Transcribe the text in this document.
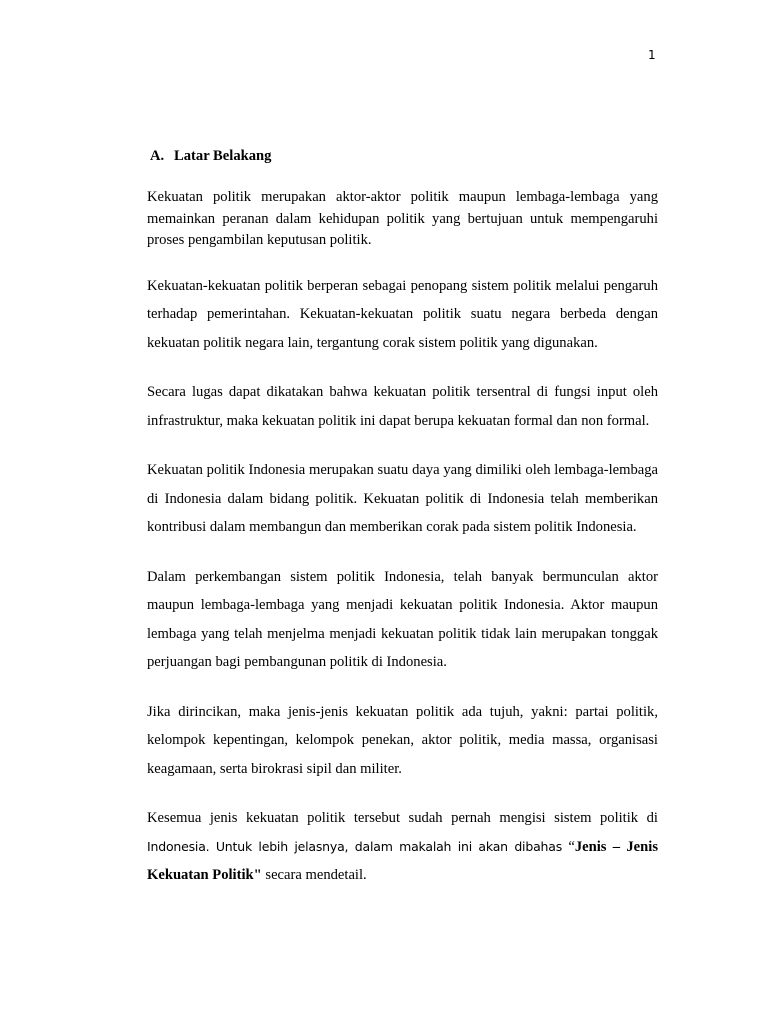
1
A. Latar Belakang

Kekuatan politik merupakan aktor-aktor politik maupun lembaga-lembaga yang memainkan peranan dalam kehidupan politik yang bertujuan untuk mempengaruhi proses pengambilan keputusan politik.

Kekuatan-kekuatan politik berperan sebagai penopang sistem politik melalui pengaruh terhadap pemerintahan. Kekuatan-kekuatan politik suatu negara berbeda dengan kekuatan politik negara lain, tergantung corak sistem politik yang digunakan.

Secara lugas dapat dikatakan bahwa kekuatan politik tersentral di fungsi input oleh infrastruktur, maka kekuatan politik ini dapat berupa kekuatan formal dan non formal.

Kekuatan politik Indonesia merupakan suatu daya yang dimiliki oleh lembaga-lembaga di Indonesia dalam bidang politik. Kekuatan politik di Indonesia telah memberikan kontribusi dalam membangun dan memberikan corak pada sistem politik Indonesia.

Dalam perkembangan sistem politik Indonesia, telah banyak bermunculan aktor maupun lembaga-lembaga yang menjadi kekuatan politik Indonesia. Aktor maupun lembaga yang telah menjelma menjadi kekuatan politik tidak lain merupakan tonggak perjuangan bagi pembangunan politik di Indonesia.

Jika dirincikan, maka jenis-jenis kekuatan politik ada tujuh, yakni: partai politik, kelompok kepentingan, kelompok penekan, aktor politik, media massa, organisasi keagamaan, serta birokrasi sipil dan militer.

Kesemua jenis kekuatan politik tersebut sudah pernah mengisi sistem politik di Indonesia. Untuk lebih jelasnya, dalam makalah ini akan dibahas “Jenis – Jenis Kekuatan Politik" secara mendetail.
